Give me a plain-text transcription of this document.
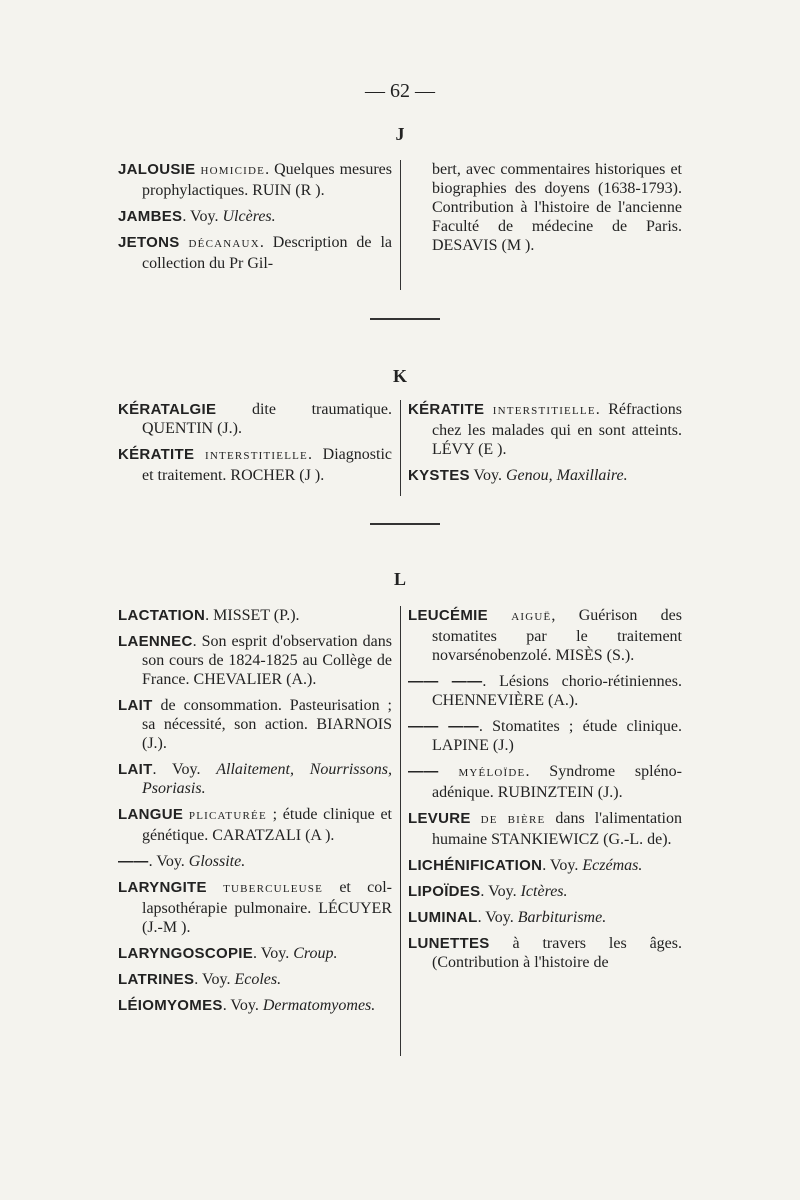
— 62 —
J

JALOUSIE HOMICIDE. Quelques mesures prophylactiques. RUIN (R ).

JAMBES. Voy. Ulcères.

JETONS DÉCANAUX. Description de la collection du Pr Gil-

bert, avec commentaires historiques et biographies des doyens (1638-1793). Contribution à l'histoire de l'ancienne Faculté de médecine de Paris. DESAVIS (M ).

K

KÉRATALGIE dite traumatique. QUENTIN (J.).

KÉRATITE INTERSTITIELLE. Diagnostic et traitement. ROCHER (J ).

KÉRATITE INTERSTITIELLE. Réfractions chez les malades qui en sont atteints. LÉVY (E ).

KYSTES Voy. Genou, Maxillaire.

L

LACTATION. MISSET (P.).

LAENNEC. Son esprit d'observation dans son cours de 1824-1825 au Collège de France. CHEVALIER (A.).

LAIT de consommation. Pasteurisation ; sa nécessité, son action. BIARNOIS (J.).

LAIT. Voy. Allaitement, Nourrissons, Psoriasis.

LANGUE PLICATURÉE ; étude clinique et génétique. CARATZALI (A ).

——. Voy. Glossite.

LARYNGITE TUBERCULEUSE et collapsothérapie pulmonaire. LÉCUYER (J.-M ).

LARYNGOSCOPIE. Voy. Croup.

LATRINES. Voy. Ecoles.

LÉIOMYOMES. Voy. Dermatomyomes.

LEUCÉMIE AIGUË, Guérison des stomatites par le traitement novarsénobenzolé. MISÈS (S.).

—— ——. Lésions chorio-rétiniennes. CHENNEVIÈRE (A.).

—— ——. Stomatites ; étude clinique. LAPINE (J.)

—— MYÉLOÏDE. Syndrome spléno-adénique. RUBINZTEIN (J.).

LEVURE DE BIÈRE dans l'alimentation humaine STANKIEWICZ (G.-L. de).

LICHÉNIFICATION. Voy. Eczémas.

LIPOÏDES. Voy. Ictères.

LUMINAL. Voy. Barbiturisme.

LUNETTES à travers les âges. (Contribution à l'histoire de
